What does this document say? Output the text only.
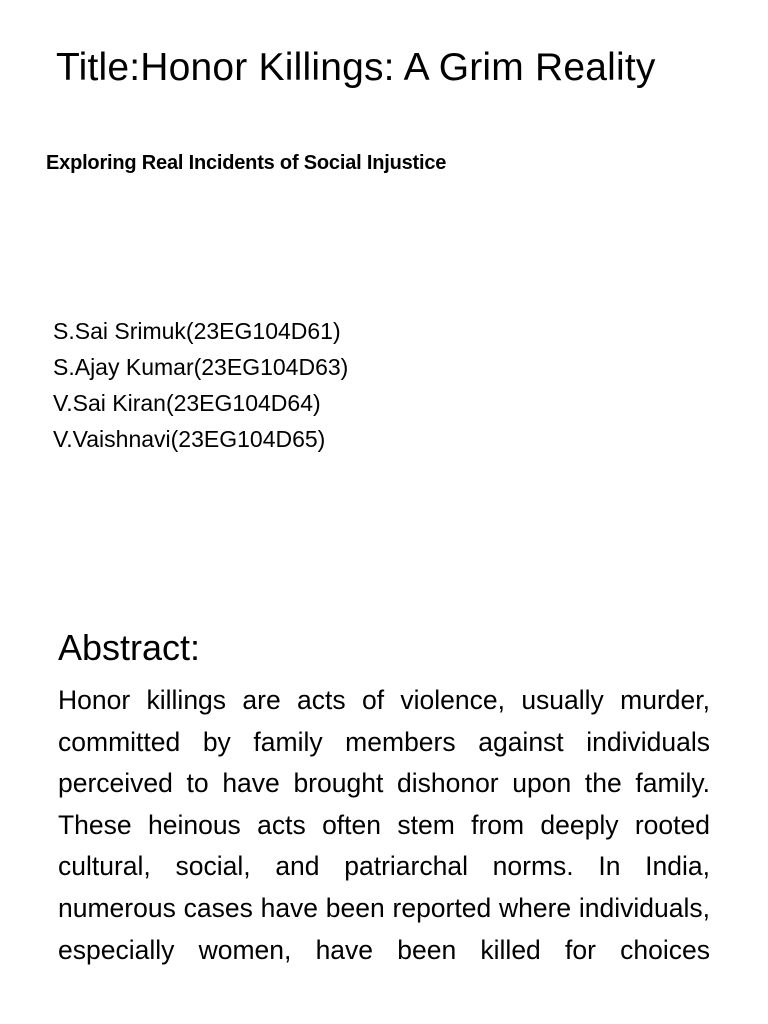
Title:Honor Killings: A Grim Reality
Exploring Real Incidents of Social Injustice
S.Sai Srimuk(23EG104D61)
S.Ajay Kumar(23EG104D63)
V.Sai Kiran(23EG104D64)
V.Vaishnavi(23EG104D65)
Abstract:
Honor killings are acts of violence, usually murder, committed by family members against individuals perceived to have brought dishonor upon the family. These heinous acts often stem from deeply rooted cultural, social, and patriarchal norms. In India, numerous cases have been reported where individuals, especially women, have been killed for choices
